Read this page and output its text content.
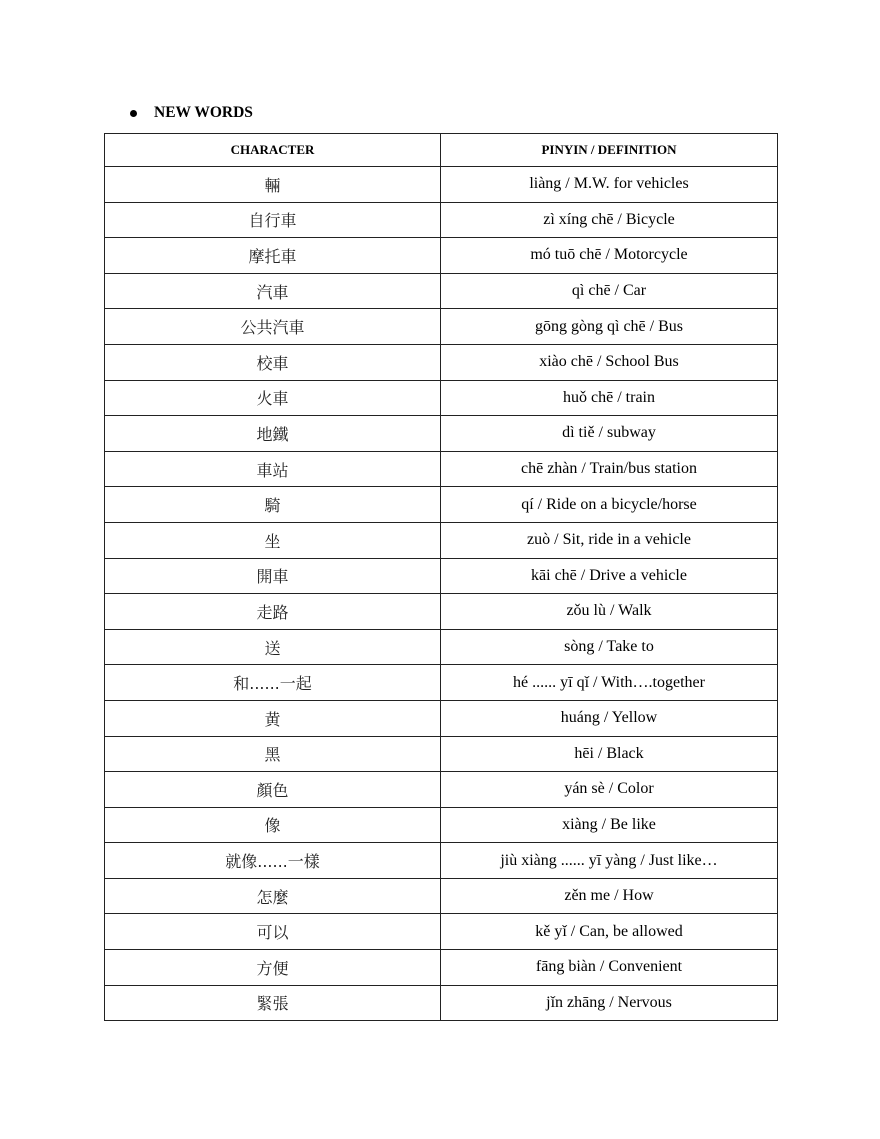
NEW WORDS
CHARACTER	PINYIN / DEFINITION
輛	liàng / M.W. for vehicles
自行車	zì xíng chē / Bicycle
摩托車	mó tuō chē / Motorcycle
汽車	qì chē / Car
公共汽車	gōng gòng qì chē / Bus
校車	xiào chē / School Bus
火車	huǒ chē / train
地鐵	dì tiě / subway
車站	chē zhàn / Train/bus station
騎	qí / Ride on a bicycle/horse
坐	zuò / Sit, ride in a vehicle
開車	kāi chē / Drive a vehicle
走路	zǒu lù / Walk
送	sòng / Take to
和......一起	hé ...... yī qǐ / With….together
黄	huáng / Yellow
黑	hēi / Black
顏色	yán sè / Color
像	xiàng / Be like
就像......一樣	jiù xiàng ...... yī yàng / Just like…
怎麼	zěn me / How
可以	kě yǐ / Can, be allowed
方便	fāng biàn / Convenient
緊張	jǐn zhāng / Nervous
